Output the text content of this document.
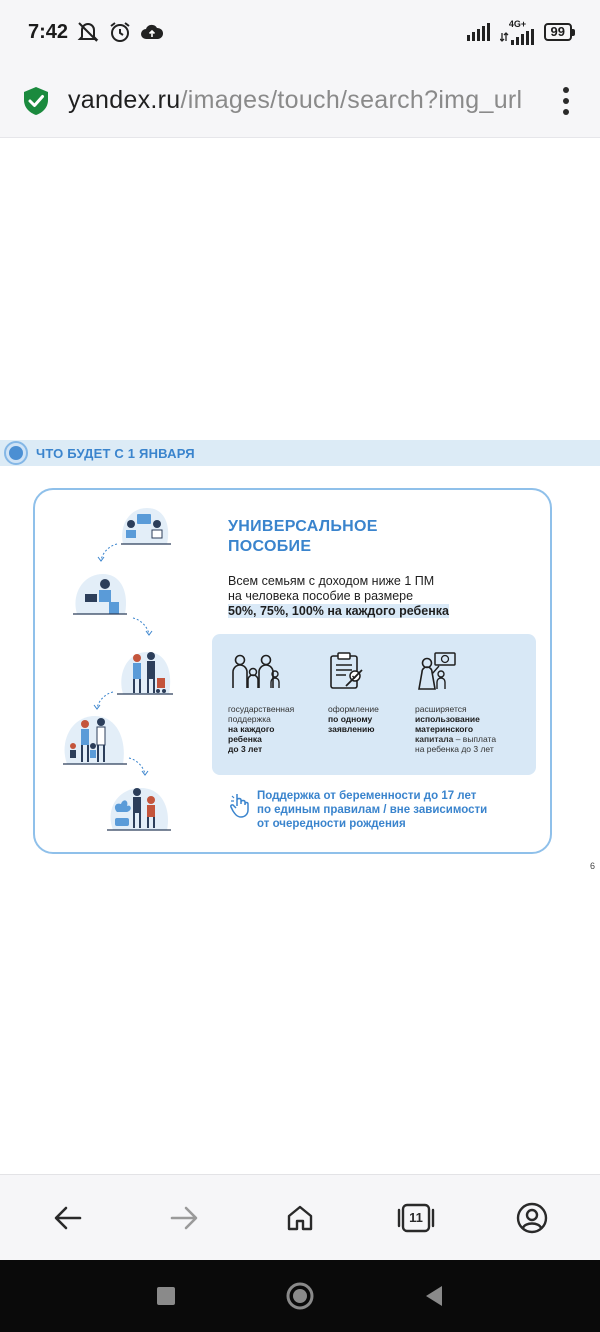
7:42	4G+
99
yandex.ru/images/touch/search?img_url
ЧТО БУДЕТ С 1 ЯНВАРЯ
УНИВЕРСАЛЬНОЕ
ПОСОБИЕ
Всем семьям с доходом ниже 1 ПМ
на человека пособие в размере
50%, 75%, 100% на каждого ребенка
государственная
поддержка
на каждого
ребенка
до 3 лет
оформление
по одному
заявлению
расширяется
использование
материнского
капитала – выплата
на ребенка до 3 лет
Поддержка от беременности до 17 лет
по единым правилам / вне зависимости
от очередности рождения
6
11
